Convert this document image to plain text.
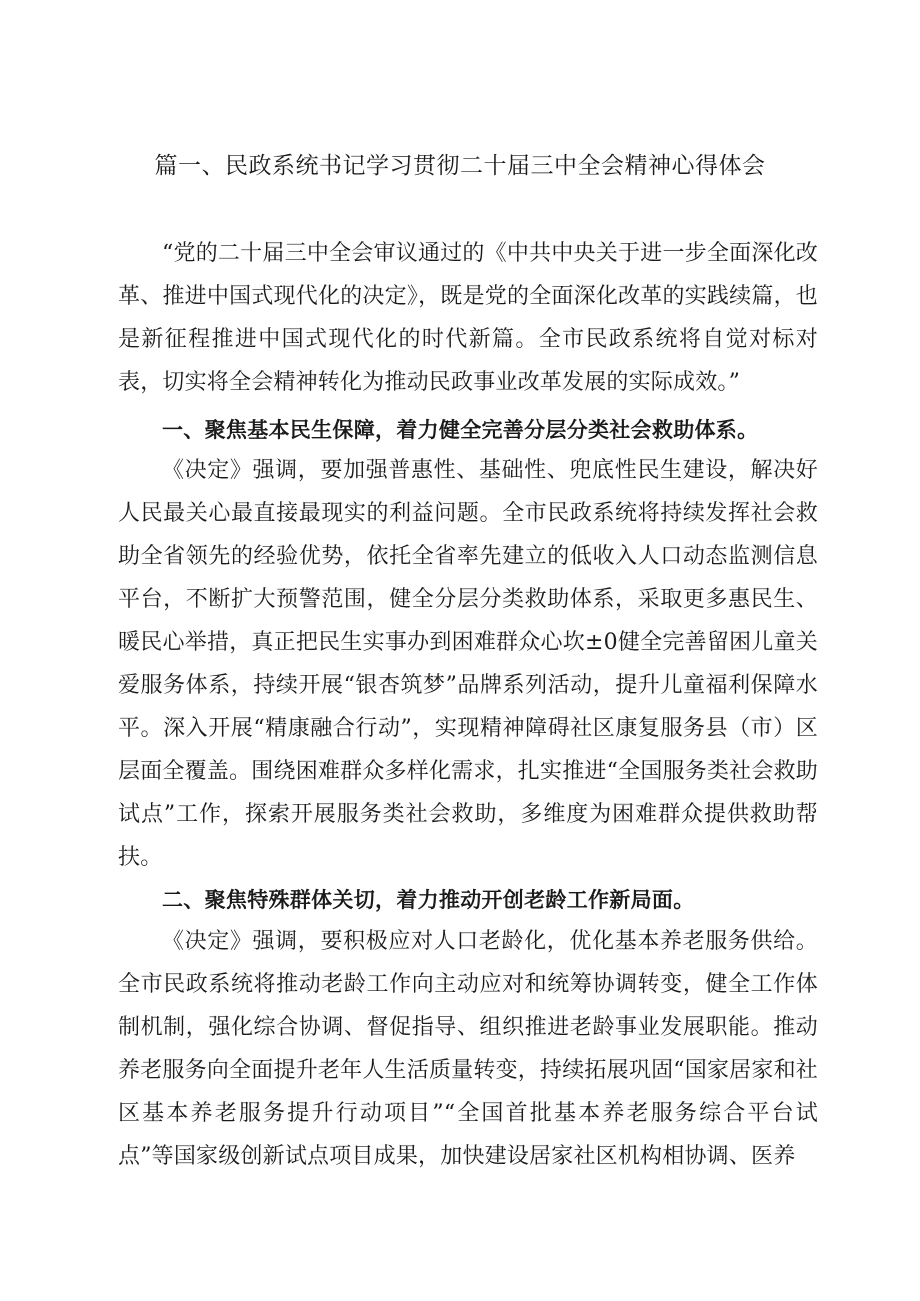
篇一、民政系统书记学习贯彻二十届三中全会精神心得体会

“党的二十届三中全会审议通过的《中共中央关于进一步全面深化改革、推进中国式现代化的决定》，既是党的全面深化改革的实践续篇，也是新征程推进中国式现代化的时代新篇。全市民政系统将自觉对标对表，切实将全会精神转化为推动民政事业改革发展的实际成效。”

一、聚焦基本民生保障，着力健全完善分层分类社会救助体系。

《决定》强调，要加强普惠性、基础性、兜底性民生建设，解决好人民最关心最直接最现实的利益问题。全市民政系统将持续发挥社会救助全省领先的经验优势，依托全省率先建立的低收入人口动态监测信息平台，不断扩大预警范围，健全分层分类救助体系，采取更多惠民生、暖民心举措，真正把民生实事办到困难群众心坎±0健全完善留困儿童关爱服务体系，持续开展“银杏筑梦”品牌系列活动，提升儿童福利保障水平。深入开展“精康融合行动”，实现精神障碍社区康复服务县（市）区层面全覆盖。围绕困难群众多样化需求，扎实推进“全国服务类社会救助试点”工作，探索开展服务类社会救助，多维度为困难群众提供救助帮扶。

二、聚焦特殊群体关切，着力推动开创老龄工作新局面。

《决定》强调，要积极应对人口老龄化，优化基本养老服务供给。全市民政系统将推动老龄工作向主动应对和统筹协调转变，健全工作体制机制，强化综合协调、督促指导、组织推进老龄事业发展职能。推动养老服务向全面提升老年人生活质量转变，持续拓展巩固“国家居家和社区基本养老服务提升行动项目”“全国首批基本养老服务综合平台试点”等国家级创新试点项目成果，加快建设居家社区机构相协调、医养
